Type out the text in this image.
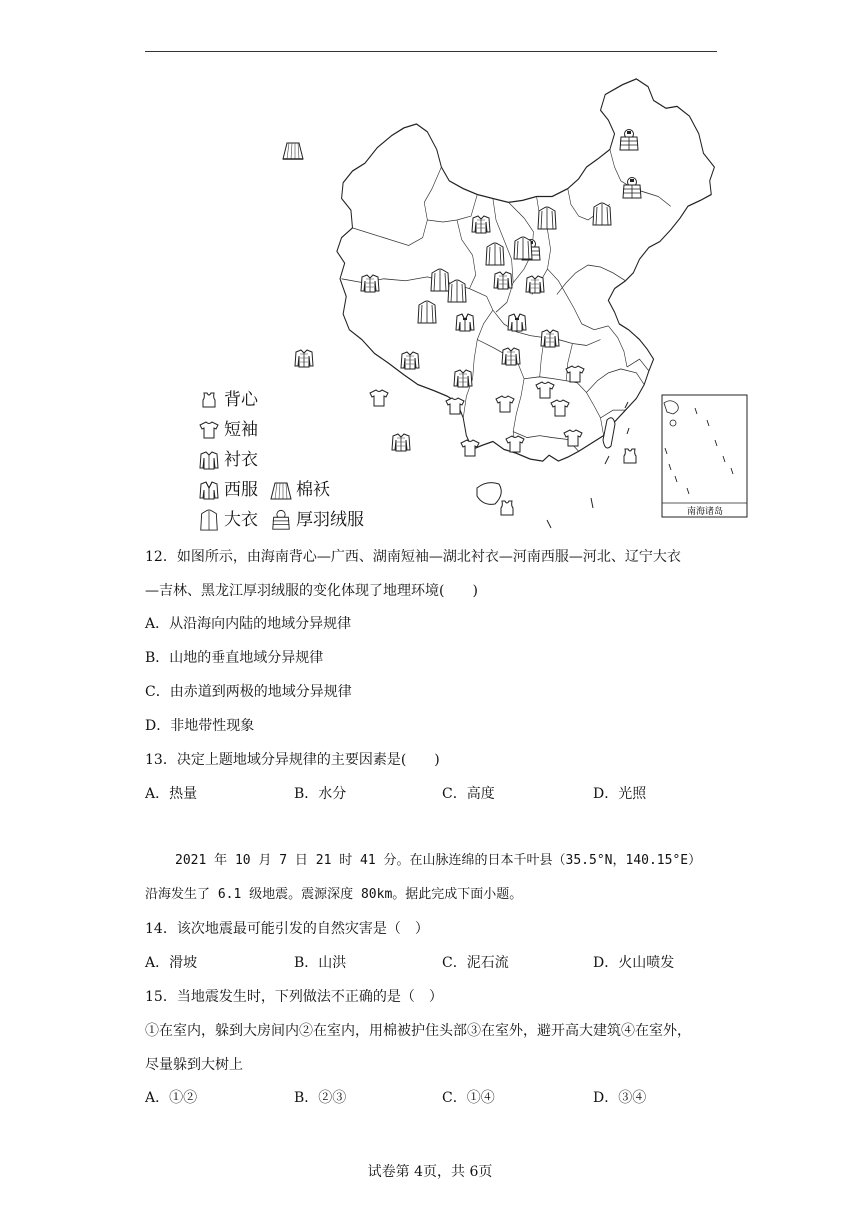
南海诸岛
背心
短袖
衬衣
西服 棉袄
大衣 厚羽绒服
12．如图所示，由海南背心—广西、湖南短袖—湖北衬衣—河南西服—河北、辽宁大衣
—吉林、黑龙江厚羽绒服的变化体现了地理环境(　　)
A．从沿海向内陆的地域分异规律
B．山地的垂直地域分异规律
C．由赤道到两极的地域分异规律
D．非地带性现象
13．决定上题地域分异规律的主要因素是(　　)
A．热量	B．水分	C．高度	D．光照
2021 年 10 月 7 日 21 时 41 分。在山脉连绵的日本千叶县（35.5°N，140.15°E）
沿海发生了 6.1 级地震。震源深度 80km。据此完成下面小题。
14．该次地震最可能引发的自然灾害是（　）
A．滑坡	B．山洪	C．泥石流	D．火山喷发
15．当地震发生时，下列做法不正确的是（　）
①在室内，躲到大房间内②在室内，用棉被护住头部③在室外，避开高大建筑④在室外，
尽量躲到大树上
A．①②	B．②③	C．①④	D．③④
试卷第 4页，共 6页
